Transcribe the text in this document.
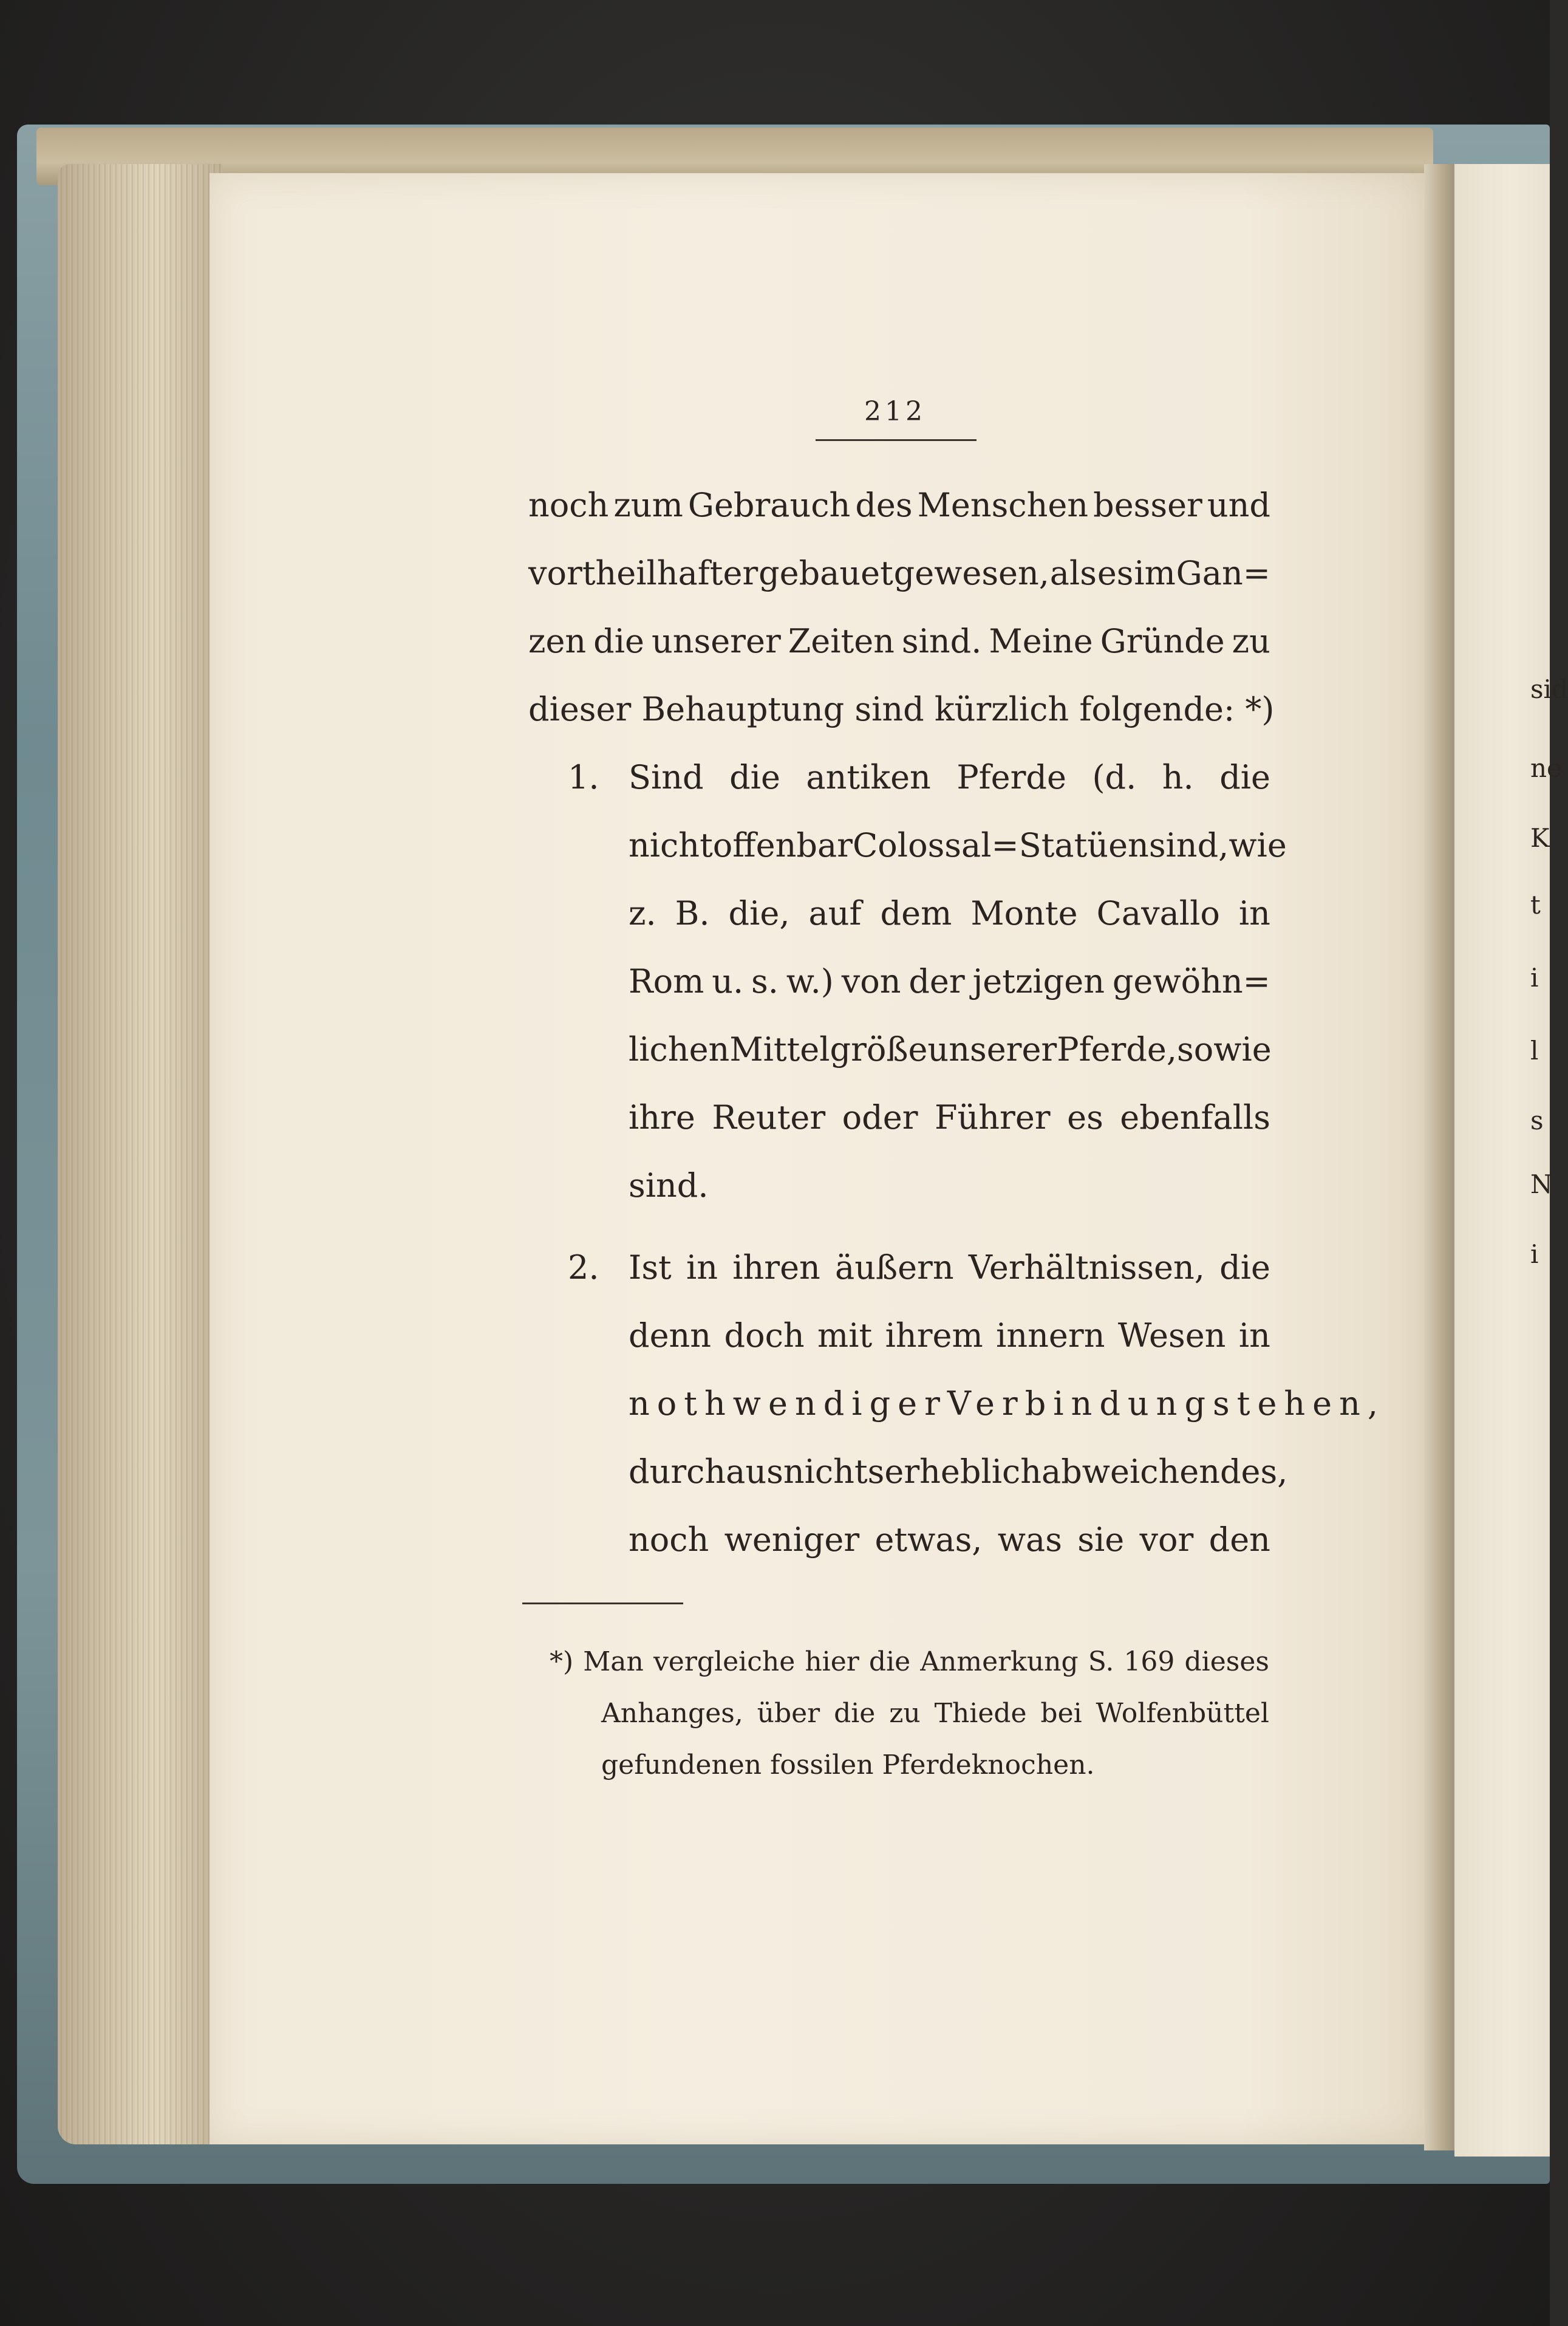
sid
ne
K
t
i
l
s
N
i
212
noch zum Gebrauch des Menschen besser und
vortheilhafter gebauet gewesen, als es im Gan=
zen die unserer Zeiten sind. Meine Gründe zu
dieser Behauptung sind kürzlich folgende: *)
1. Sind die antiken Pferde (d. h. die
nicht offenbar Colossal=Statüen sind, wie
z. B. die, auf dem Monte Cavallo in
Rom u. s. w.) von der jetzigen gewöhn=
lichen Mittelgröße unserer Pferde, so wie
ihre Reuter oder Führer es ebenfalls
sind.
2. Ist in ihren äußern Verhältnissen, die
denn doch mit ihrem innern Wesen in
nothwendiger Verbindung stehen,
durchaus nichts erheblich abweichendes,
noch weniger etwas, was sie vor den
*) Man vergleiche hier die Anmerkung S. 169 dieses
Anhanges, über die zu Thiede bei Wolfenbüttel
gefundenen fossilen Pferdeknochen.
